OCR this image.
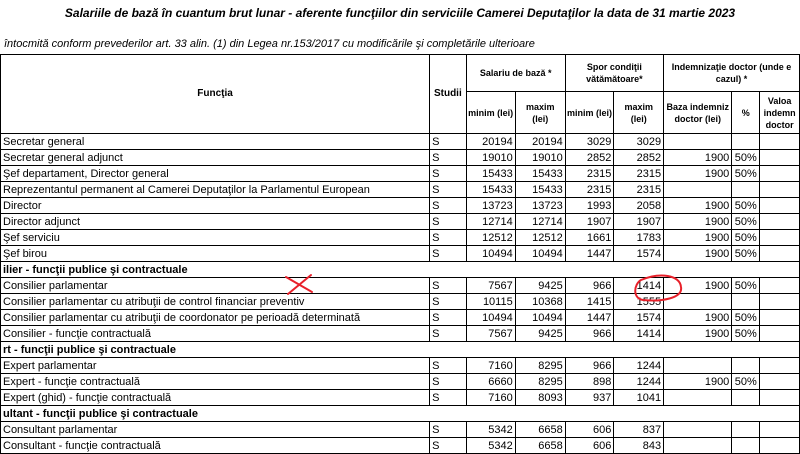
Salariile de bază în cuantum brut lunar - aferente funcţiilor din serviciile Camerei Deputaţilor la data de 31 martie 2023
întocmită conform prevederilor art. 33 alin. (1) din Legea nr.153/2017 cu modificările şi completările ulterioare
Funcţia	Studii	Salariu de bază *		Spor condiţii vătămătoare*		Indemnizaţie doctor (unde e cazul) *		
		minim (lei)	maxim (lei)	minim (lei)	maxim (lei)	Baza indemniz doctor (lei)	%	Valoa indemn doctor
Secretar general	S	20194	20194	3029	3029			
Secretar general adjunct	S	19010	19010	2852	2852	1900	50%	
Şef departament, Director general	S	15433	15433	2315	2315	1900	50%	
Reprezentantul permanent al Camerei Deputaţilor la Parlamentul European	S	15433	15433	2315	2315			
Director	S	13723	13723	1993	2058	1900	50%	
Director adjunct	S	12714	12714	1907	1907	1900	50%	
Şef serviciu	S	12512	12512	1661	1783	1900	50%	
Şef birou	S	10494	10494	1447	1574	1900	50%	
ilier - funcţii publice şi contractuale								
Consilier parlamentar	S	7567	9425	966	1414	1900	50%	
Consilier parlamentar cu atribuţii de control financiar preventiv	S	10115	10368	1415	1555			
Consilier parlamentar cu atribuţii de coordonator pe perioadă determinată	S	10494	10494	1447	1574	1900	50%	
Consilier - funcţie contractuală	S	7567	9425	966	1414	1900	50%	
rt - funcţii publice şi contractuale								
Expert parlamentar	S	7160	8295	966	1244			
Expert - funcţie contractuală	S	6660	8295	898	1244	1900	50%	
Expert (ghid) - funcţie contractuală	S	7160	8093	937	1041			
ultant - funcţii publice şi contractuale								
Consultant parlamentar	S	5342	6658	606	837			
Consultant - funcţie contractuală	S	5342	6658	606	843			
